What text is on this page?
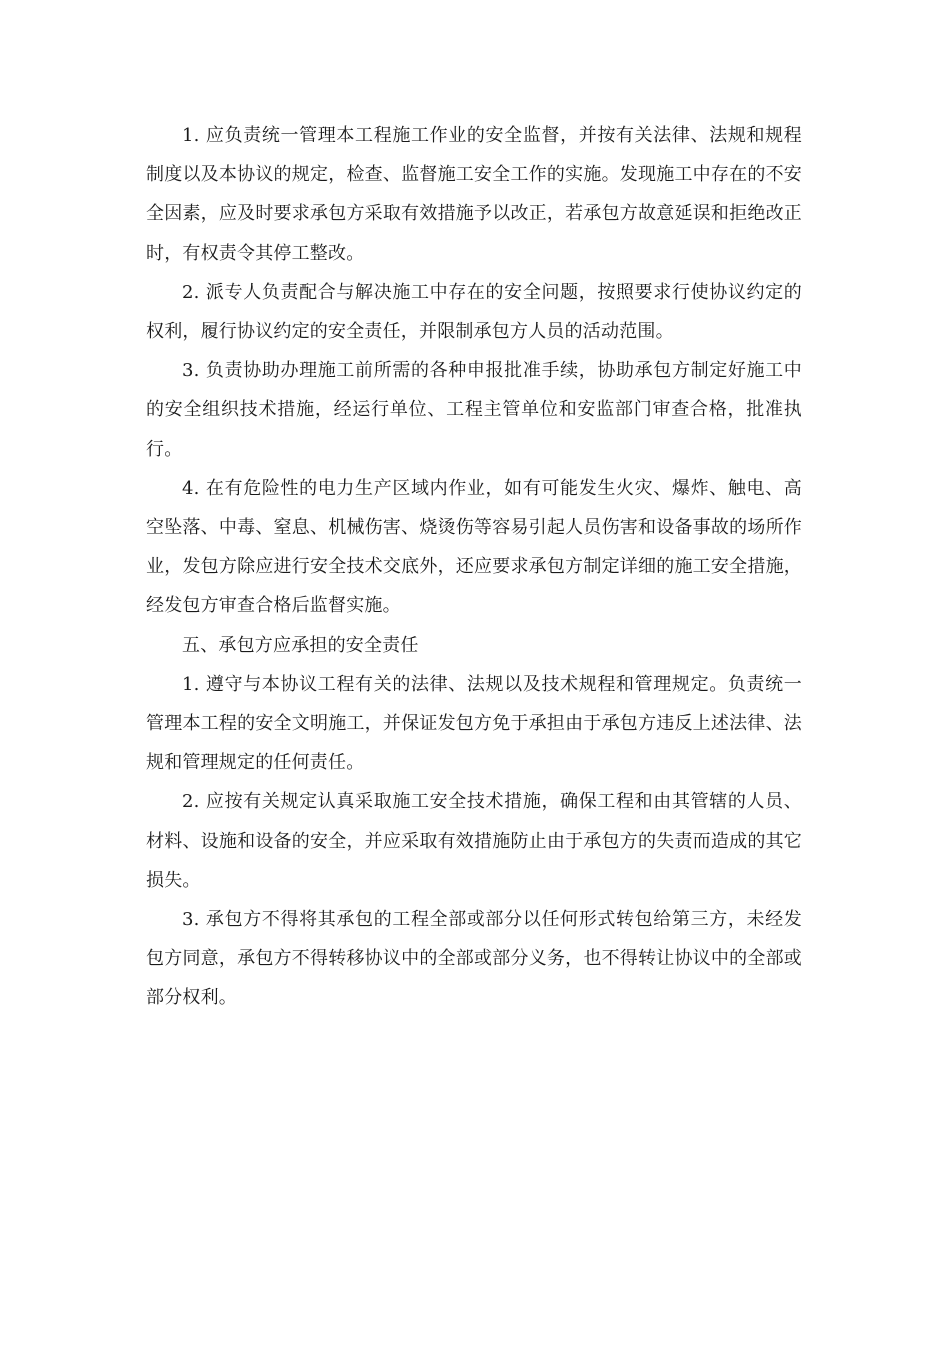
1. 应负责统一管理本工程施工作业的安全监督，并按有关法律、法规和规程制度以及本协议的规定，检查、监督施工安全工作的实施。发现施工中存在的不安全因素，应及时要求承包方采取有效措施予以改正，若承包方故意延误和拒绝改正时，有权责令其停工整改。

2. 派专人负责配合与解决施工中存在的安全问题，按照要求行使协议约定的权利，履行协议约定的安全责任，并限制承包方人员的活动范围。

3. 负责协助办理施工前所需的各种申报批准手续，协助承包方制定好施工中的安全组织技术措施，经运行单位、工程主管单位和安监部门审查合格，批准执行。

4. 在有危险性的电力生产区域内作业，如有可能发生火灾、爆炸、触电、高空坠落、中毒、窒息、机械伤害、烧烫伤等容易引起人员伤害和设备事故的场所作业，发包方除应进行安全技术交底外，还应要求承包方制定详细的施工安全措施，经发包方审查合格后监督实施。

五、承包方应承担的安全责任

1. 遵守与本协议工程有关的法律、法规以及技术规程和管理规定。负责统一管理本工程的安全文明施工，并保证发包方免于承担由于承包方违反上述法律、法规和管理规定的任何责任。

2. 应按有关规定认真采取施工安全技术措施，确保工程和由其管辖的人员、材料、设施和设备的安全，并应采取有效措施防止由于承包方的失责而造成的其它损失。

3. 承包方不得将其承包的工程全部或部分以任何形式转包给第三方，未经发包方同意，承包方不得转移协议中的全部或部分义务，也不得转让协议中的全部或部分权利。
